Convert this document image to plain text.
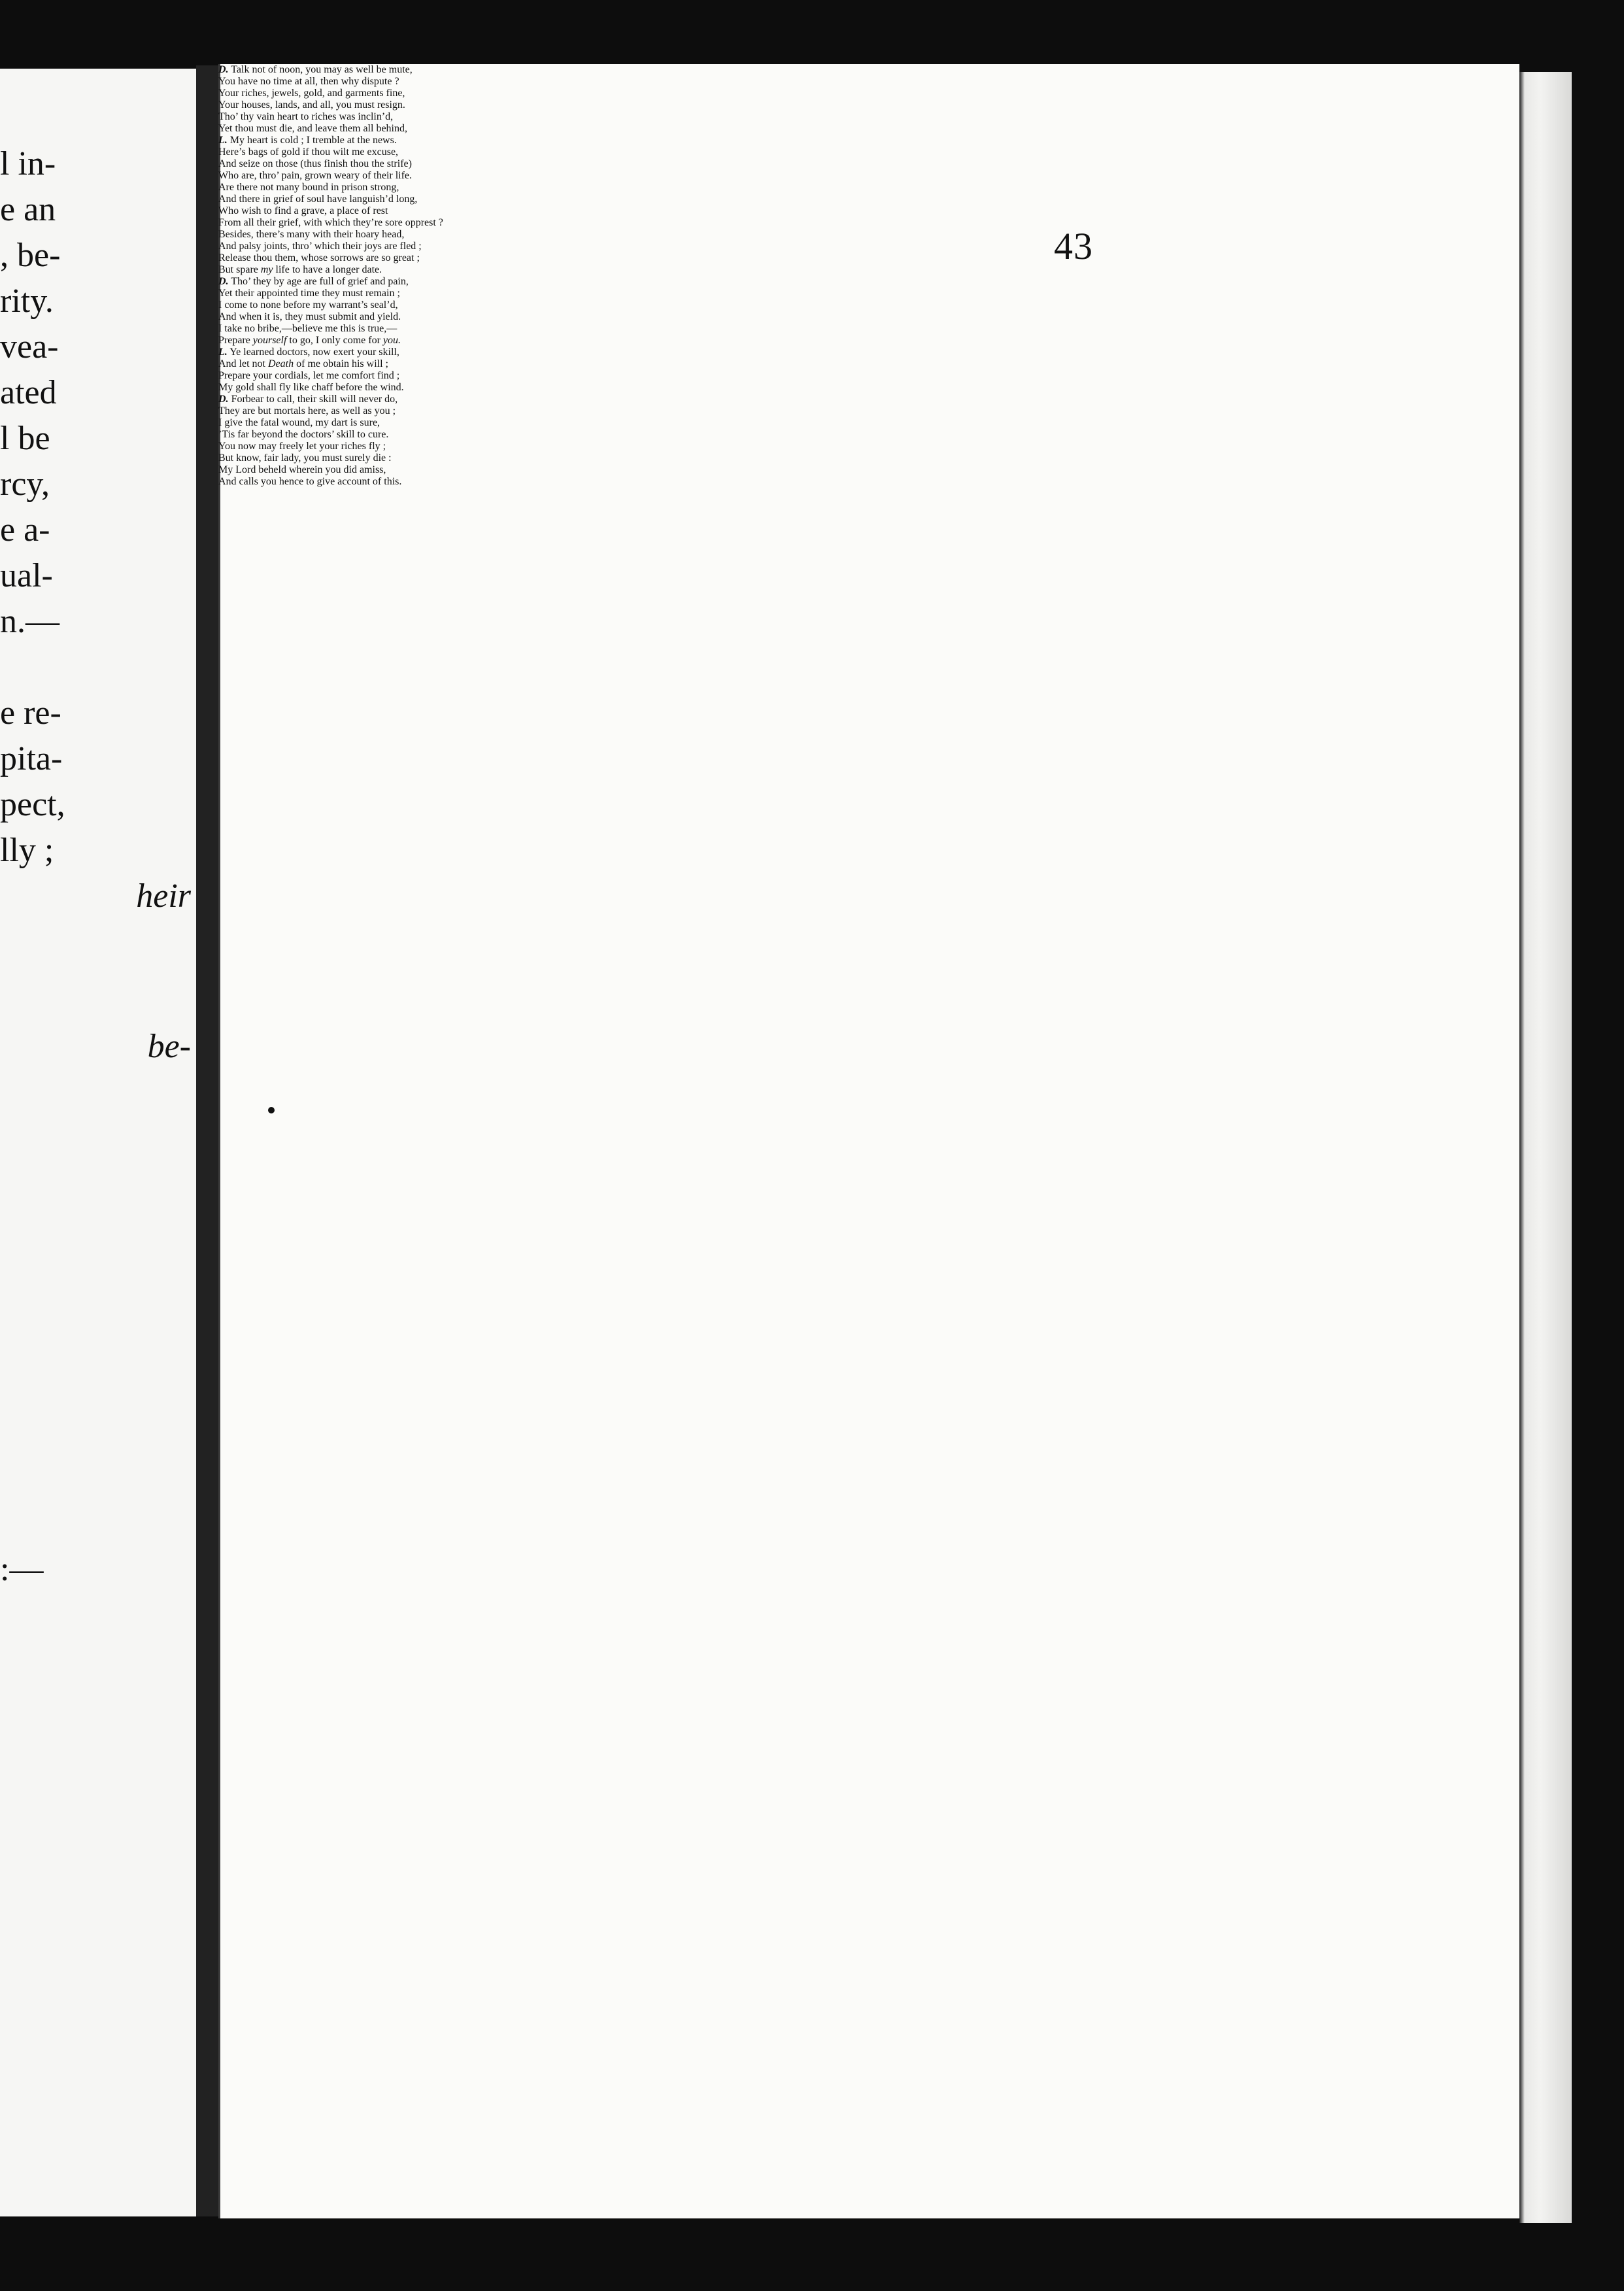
l in-
e an
, be-
rity.
vea-
ated
l be
rcy,
e a-
ual-
n.—
e re-
pita-
pect,
lly ;
heir
be-
:—
43
D. Talk not of noon, you may as well be mute,
You have no time at all, then why dispute ?
Your riches, jewels, gold, and garments fine,
Your houses, lands, and all, you must resign.
Tho’ thy vain heart to riches was inclin’d,
Yet thou must die, and leave them all behind,
L. My heart is cold ; I tremble at the news.
Here’s bags of gold if thou wilt me excuse,
And seize on those (thus finish thou the strife)
Who are, thro’ pain, grown weary of their life.
Are there not many bound in prison strong,
And there in grief of soul have languish’d long,
Who wish to find a grave, a place of rest
From all their grief, with which they’re sore opprest ?
Besides, there’s many with their hoary head,
And palsy joints, thro’ which their joys are fled ;
Release thou them, whose sorrows are so great ;
But spare my life to have a longer date.
D. Tho’ they by age are full of grief and pain,
Yet their appointed time they must remain ;
I come to none before my warrant’s seal’d,
And when it is, they must submit and yield.
I take no bribe,—believe me this is true,—
Prepare yourself to go, I only come for you.
L. Ye learned doctors, now exert your skill,
And let not Death of me obtain his will ;
Prepare your cordials, let me comfort find ;
My gold shall fly like chaff before the wind.
D. Forbear to call, their skill will never do,
They are but mortals here, as well as you ;
I give the fatal wound, my dart is sure,
’Tis far beyond the doctors’ skill to cure.
You now may freely let your riches fly ;
But know, fair lady, you must surely die :
My Lord beheld wherein you did amiss,
And calls you hence to give account of this.
